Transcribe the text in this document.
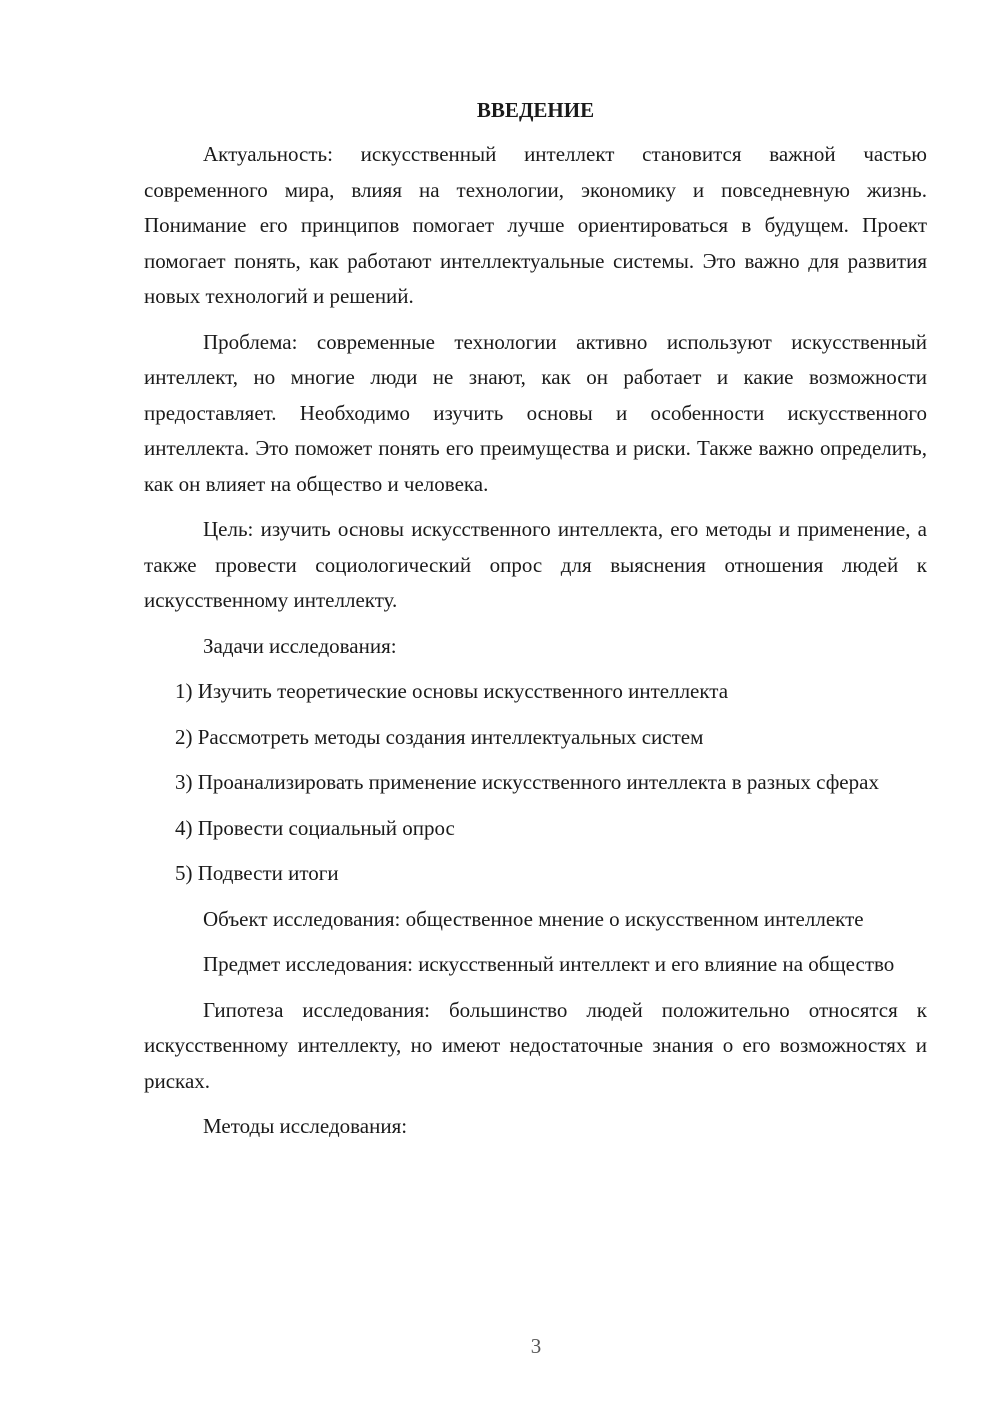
ВВЕДЕНИЕ

Актуальность: искусственный интеллект становится важной частью современного мира, влияя на технологии, экономику и повседневную жизнь. Понимание его принципов помогает лучше ориентироваться в будущем. Проект помогает понять, как работают интеллектуальные системы. Это важно для развития новых технологий и решений.

Проблема: современные технологии активно используют искусственный интеллект, но многие люди не знают, как он работает и какие возможности предоставляет. Необходимо изучить основы и особенности искусственного интеллекта. Это поможет понять его преимущества и риски. Также важно определить, как он влияет на общество и человека.

Цель: изучить основы искусственного интеллекта, его методы и применение, а также провести социологический опрос для выяснения отношения людей к искусственному интеллекту.

Задачи исследования:

1) Изучить теоретические основы искусственного интеллекта

2) Рассмотреть методы создания интеллектуальных систем

3) Проанализировать применение искусственного интеллекта в разных сферах

4) Провести социальный опрос

5) Подвести итоги

Объект исследования: общественное мнение о искусственном интеллекте

Предмет исследования: искусственный интеллект и его влияние на общество

Гипотеза исследования: большинство людей положительно относятся к искусственному интеллекту, но имеют недостаточные знания о его возможностях и рисках.

Методы исследования:

3
